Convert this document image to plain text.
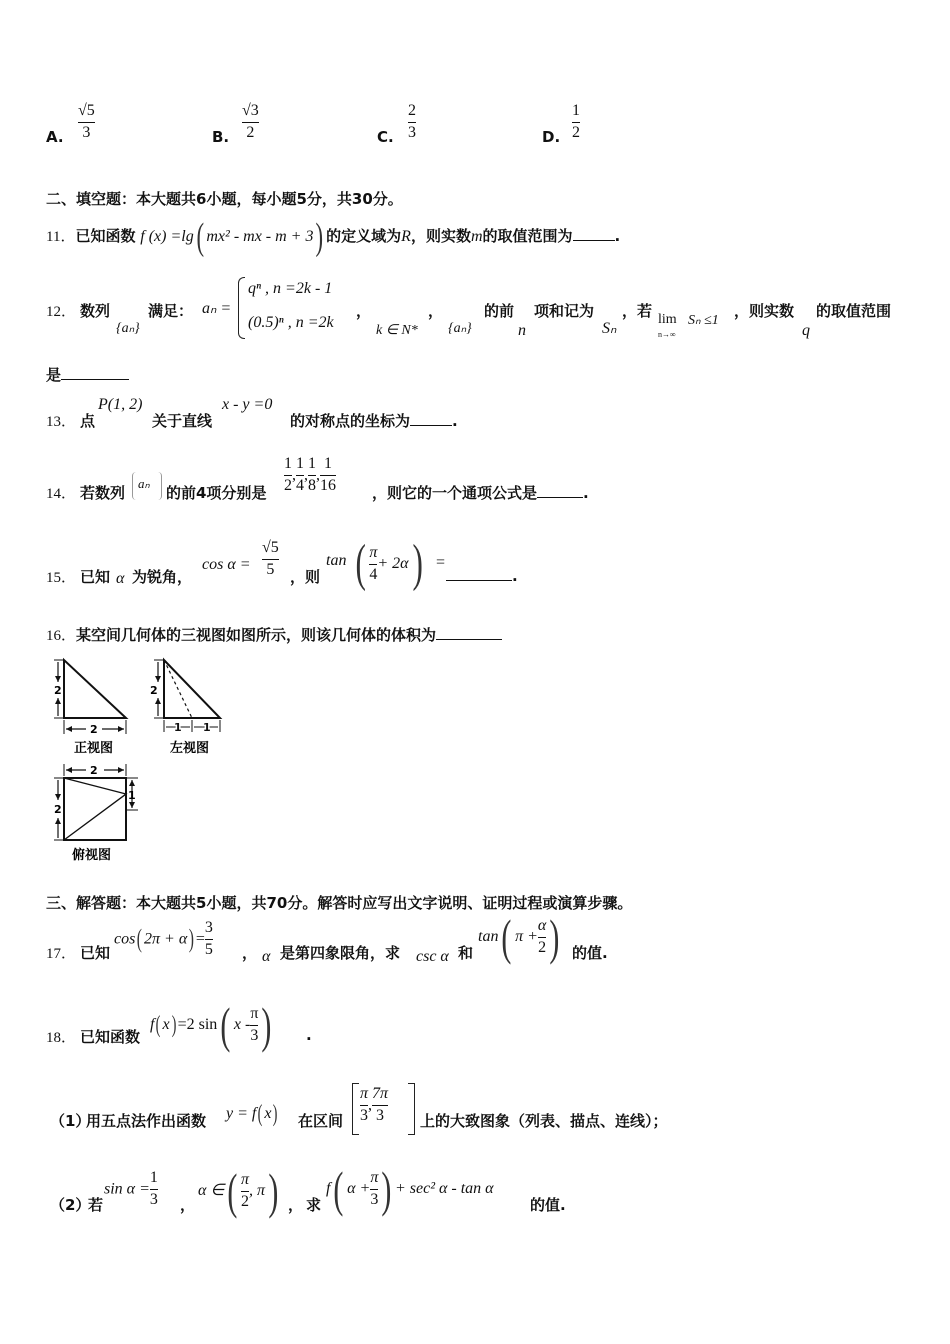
A.
√5
3	B.
√3
2	C.
2
3	D.
1
2
二、填空题：本大题共6小题，每小题5分，共30分。
11．已知函数 f (x) =lg( mx² - mx - m + 3) 的定义域为R，则实数m的取值范围为	.
12． 数列
{aₙ}
满足： aₙ =
qⁿ , n =2k - 1
(0.5)ⁿ , n =2k
，
k ∈ N*
，
{aₙ}
的前
n
项和记为
Sₙ
，若 lim
n→∞
Sₙ ≤1
，则实数
q
的取值范围
是
13． 点
P(1, 2)
关于直线
x - y =0
的对称点的坐标为	.
14． 若数列
aₙ
的前4项分别是 $\frac{1}{2}$ , $\frac{1}{4}$ , $\frac{1}{8}$ , $\frac{1}{16}$ ，则它的一个通项公式是	.
15． 已知 α 为锐角，
cos α =
√5
5 ，则
tan ( $\frac{\pi}{4} + 2\alpha$) =
.
16．某空间几何体的三视图如图所示，则该几何体的体积为
2
2
正视图
2
1 1
左视图
2
2
1
俯视图
三、解答题：本大题共5小题，共70分。解答时应写出文字说明、证明过程或演算步骤。
17． 已知
cos( $2\pi + \alpha) = \frac{3}{5}$ ， α 是第四象限角，求 csc α 和
tan( $\pi + \frac{\alpha}{2}$ ) 的值.
18． 已知函数
f( x) =2 sin( x - $\frac{\pi}{3}$ ) .
（1）
用五点法作出函数 y = f( x) 在区间 $\frac{\pi}{3}$ , $\frac{7\pi}{3}$ 上的大致图象（列表、描点、连线）；
（2）
若
$\sin \alpha = \frac{1}{3}$ ，
α ∈( $\frac{\pi}{2}$ , π) ， 求
f( $\alpha + \frac{\pi}{3}$ ) + sec² α - tan α
的值.
